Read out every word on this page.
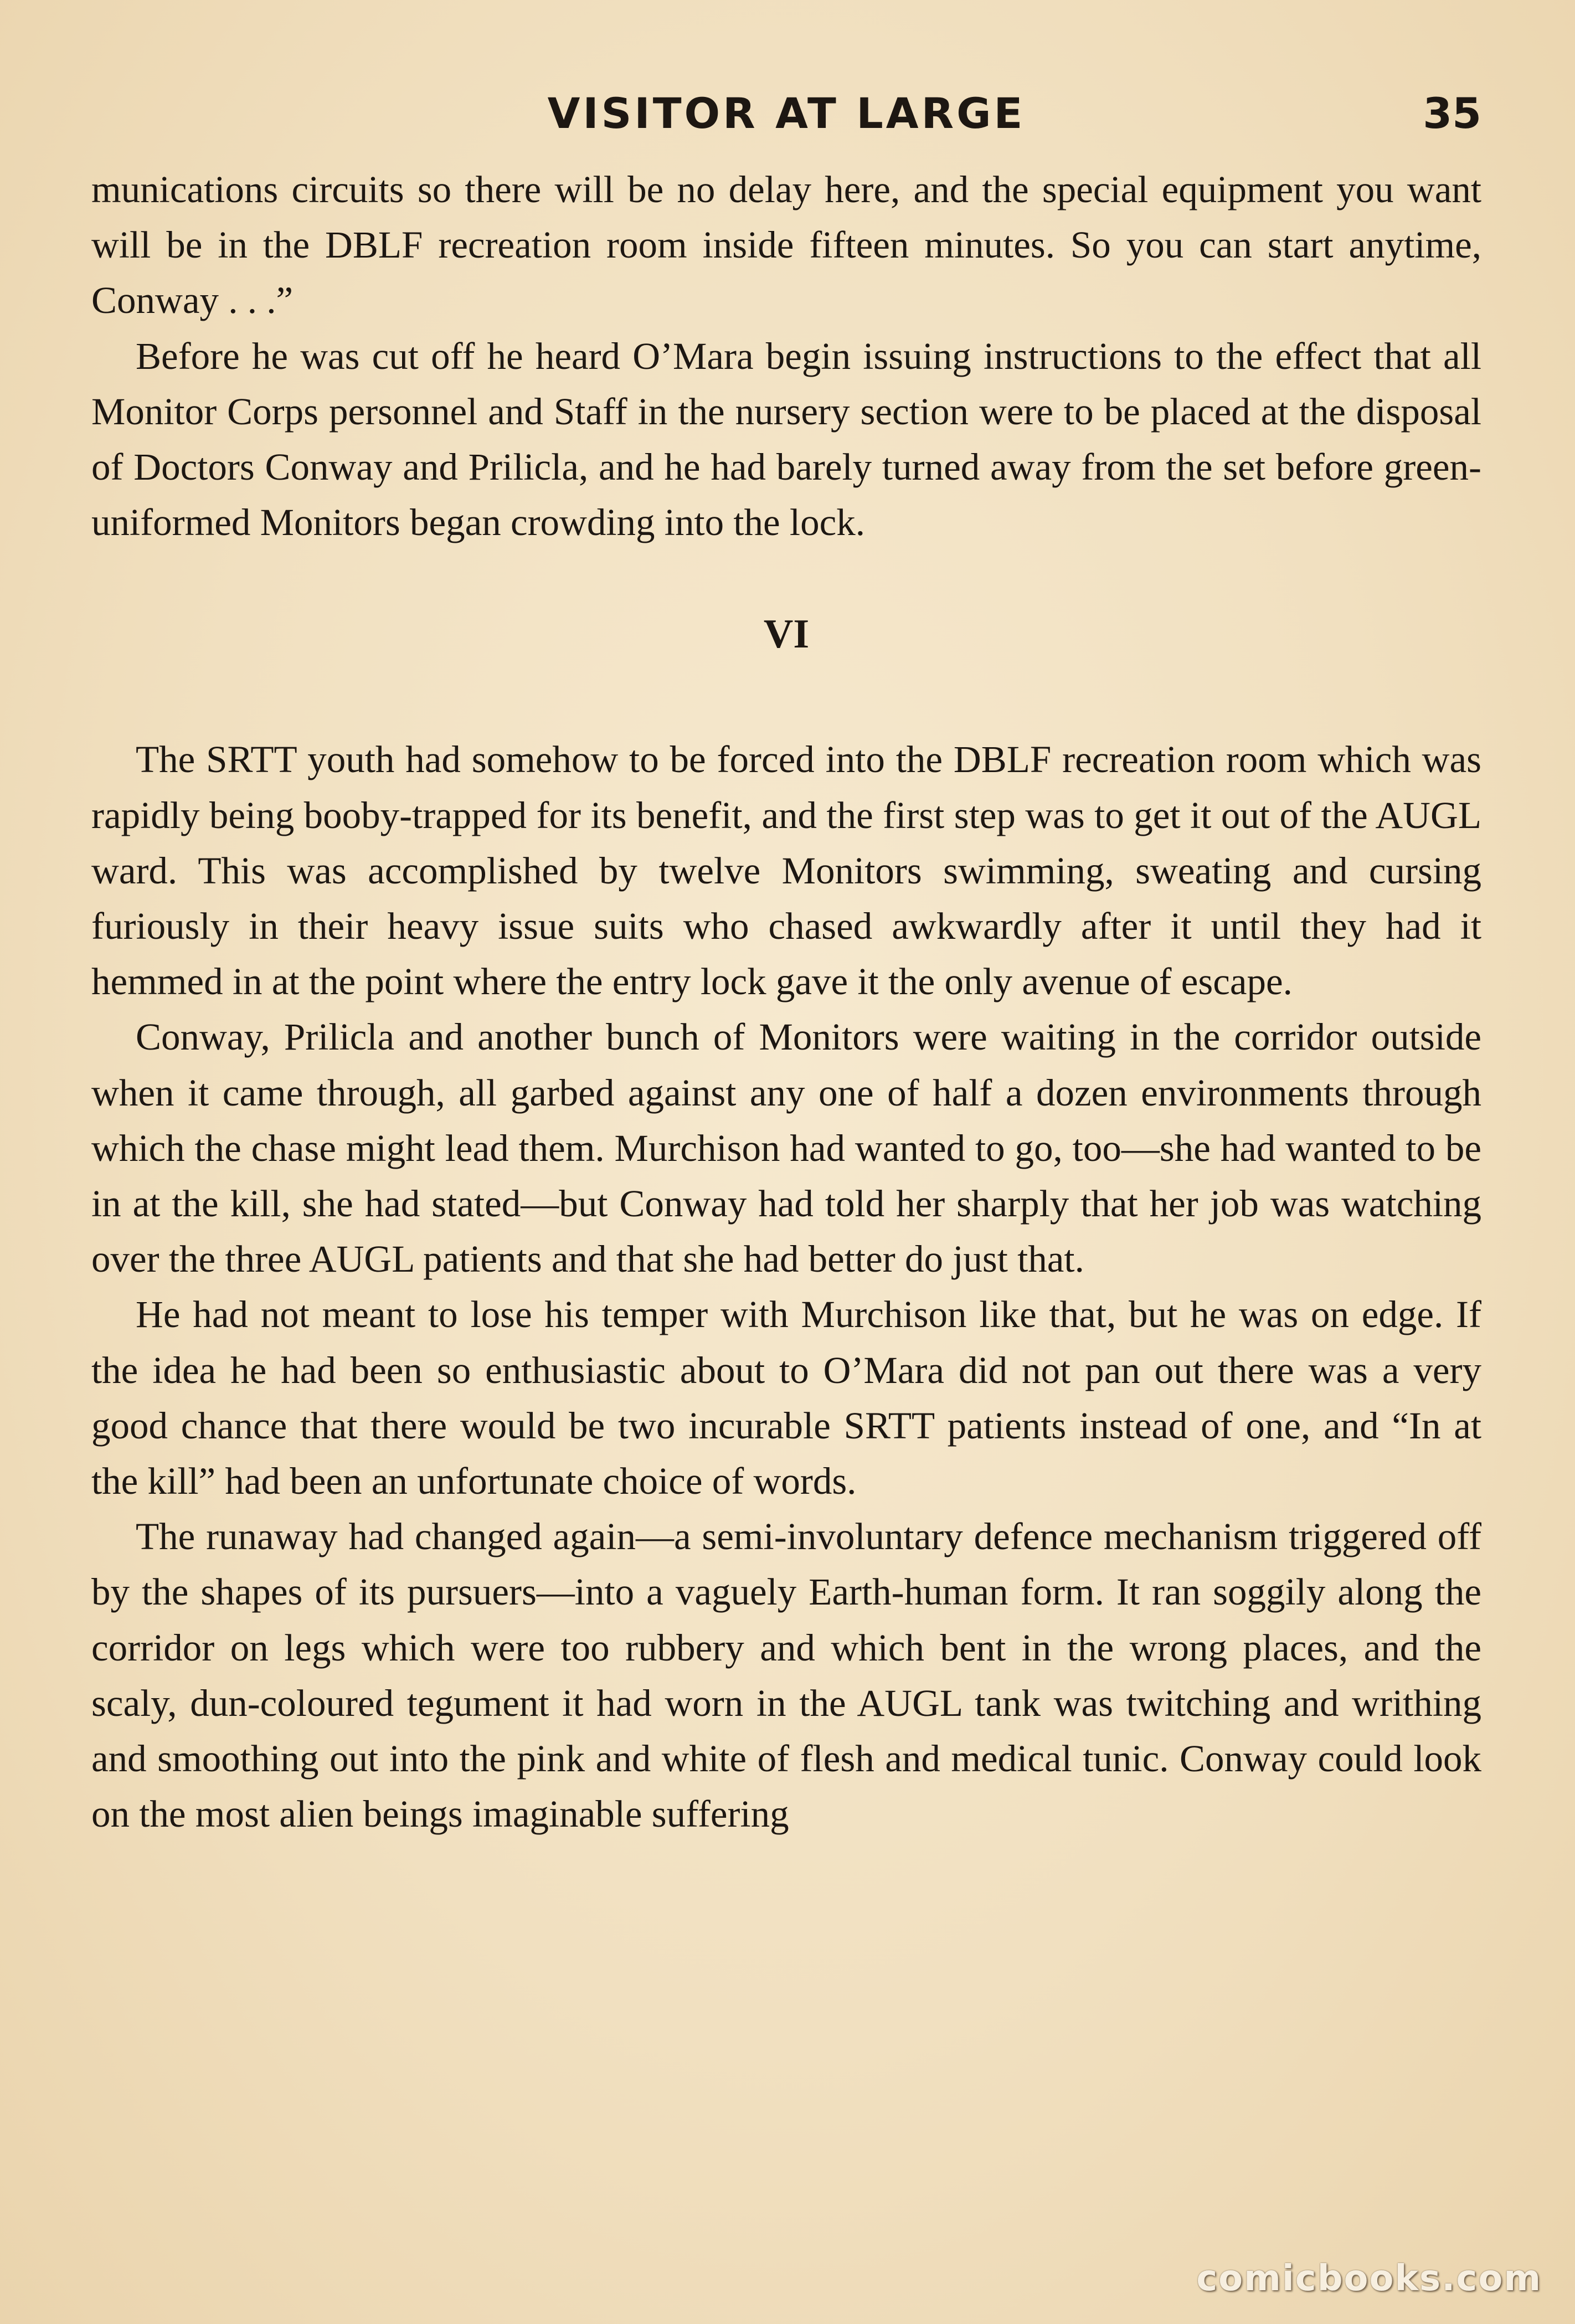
VISITOR AT LARGE	35

munications circuits so there will be no delay here, and the special equipment you want will be in the DBLF recreation room inside fifteen minutes. So you can start anytime, Conway . . .”

Before he was cut off he heard O’Mara begin issuing instructions to the effect that all Monitor Corps personnel and Staff in the nursery section were to be placed at the disposal of Doctors Conway and Prilicla, and he had barely turned away from the set before green-uniformed Monitors began crowding into the lock.

VI

The SRTT youth had somehow to be forced into the DBLF recreation room which was rapidly being booby-trapped for its benefit, and the first step was to get it out of the AUGL ward. This was accomplished by twelve Monitors swimming, sweating and cursing furiously in their heavy issue suits who chased awkwardly after it until they had it hemmed in at the point where the entry lock gave it the only avenue of escape.

Conway, Prilicla and another bunch of Monitors were waiting in the corridor outside when it came through, all garbed against any one of half a dozen environments through which the chase might lead them. Murchison had wanted to go, too—she had wanted to be in at the kill, she had stated—but Conway had told her sharply that her job was watching over the three AUGL patients and that she had better do just that.

He had not meant to lose his temper with Murchison like that, but he was on edge. If the idea he had been so enthusiastic about to O’Mara did not pan out there was a very good chance that there would be two incurable SRTT patients instead of one, and “In at the kill” had been an unfortunate choice of words.

The runaway had changed again—a semi-involuntary defence mechanism triggered off by the shapes of its pursuers—into a vaguely Earth-human form. It ran soggily along the corridor on legs which were too rubbery and which bent in the wrong places, and the scaly, dun-coloured tegument it had worn in the AUGL tank was twitching and writhing and smoothing out into the pink and white of flesh and medical tunic. Conway could look on the most alien beings imaginable suffering

comicbooks.com
